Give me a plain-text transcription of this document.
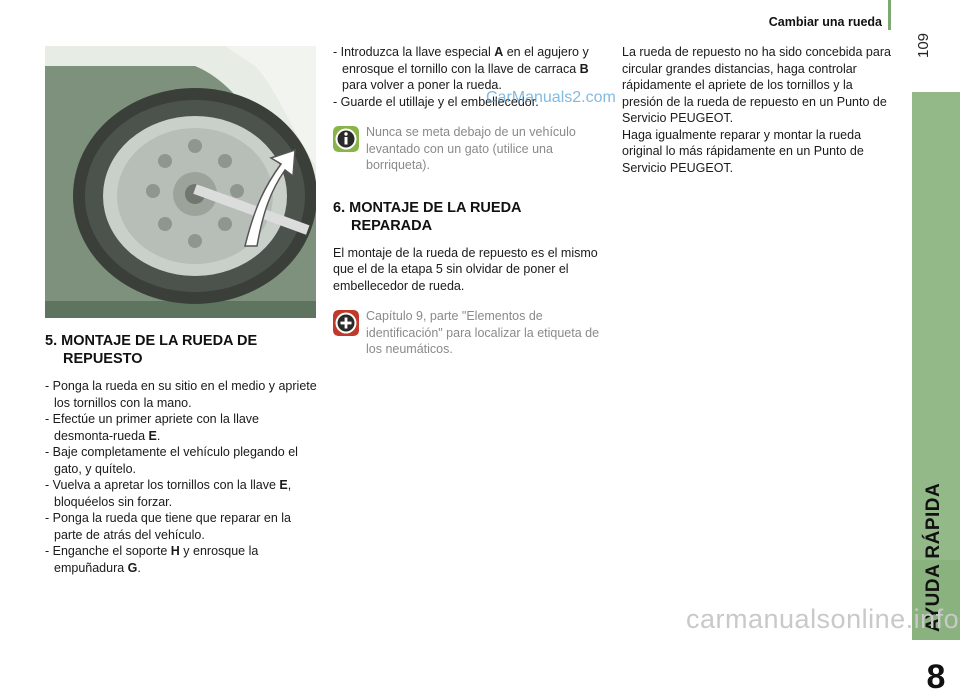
Cambiar una rueda
109
AYUDA RÁPIDA
8
5. MONTAJE DE LA RUEDA DE
REPUESTO
- Ponga la rueda en su sitio en el medio y apriete los tornillos con la mano.
- Efectúe un primer apriete con la llave desmonta-rueda E.
- Baje completamente el vehículo plegando el gato, y quítelo.
- Vuelva a apretar los tornillos con la llave E, bloquéelos sin forzar.
- Ponga la rueda que tiene que reparar en la parte de atrás del vehículo.
- Enganche el soporte H y enrosque la empuñadura G.
- Introduzca la llave especial A en el agujero y enrosque el tornillo con la llave de carraca B para volver a poner la rueda.
- Guarde el utillaje y el embellecedor.
Nunca se meta debajo de un vehículo levantado con un gato (utilice una borriqueta).
6. MONTAJE DE LA RUEDA
REPARADA
El montaje de la rueda de repuesto es el mismo que el de la etapa 5 sin olvidar de poner el embellecedor de rueda.
Capítulo 9, parte "Elementos de identificación" para localizar la etiqueta de los neumáticos.
CarManuals2.com
La rueda de repuesto no ha sido concebida para circular grandes distancias, haga controlar rápidamente el apriete de los tornillos y la presión de la rueda de repuesto en un Punto de Servicio PEUGEOT.
Haga igualmente reparar y montar la rueda original lo más rápidamente en un Punto de Servicio PEUGEOT.
carmanualsonline.info
